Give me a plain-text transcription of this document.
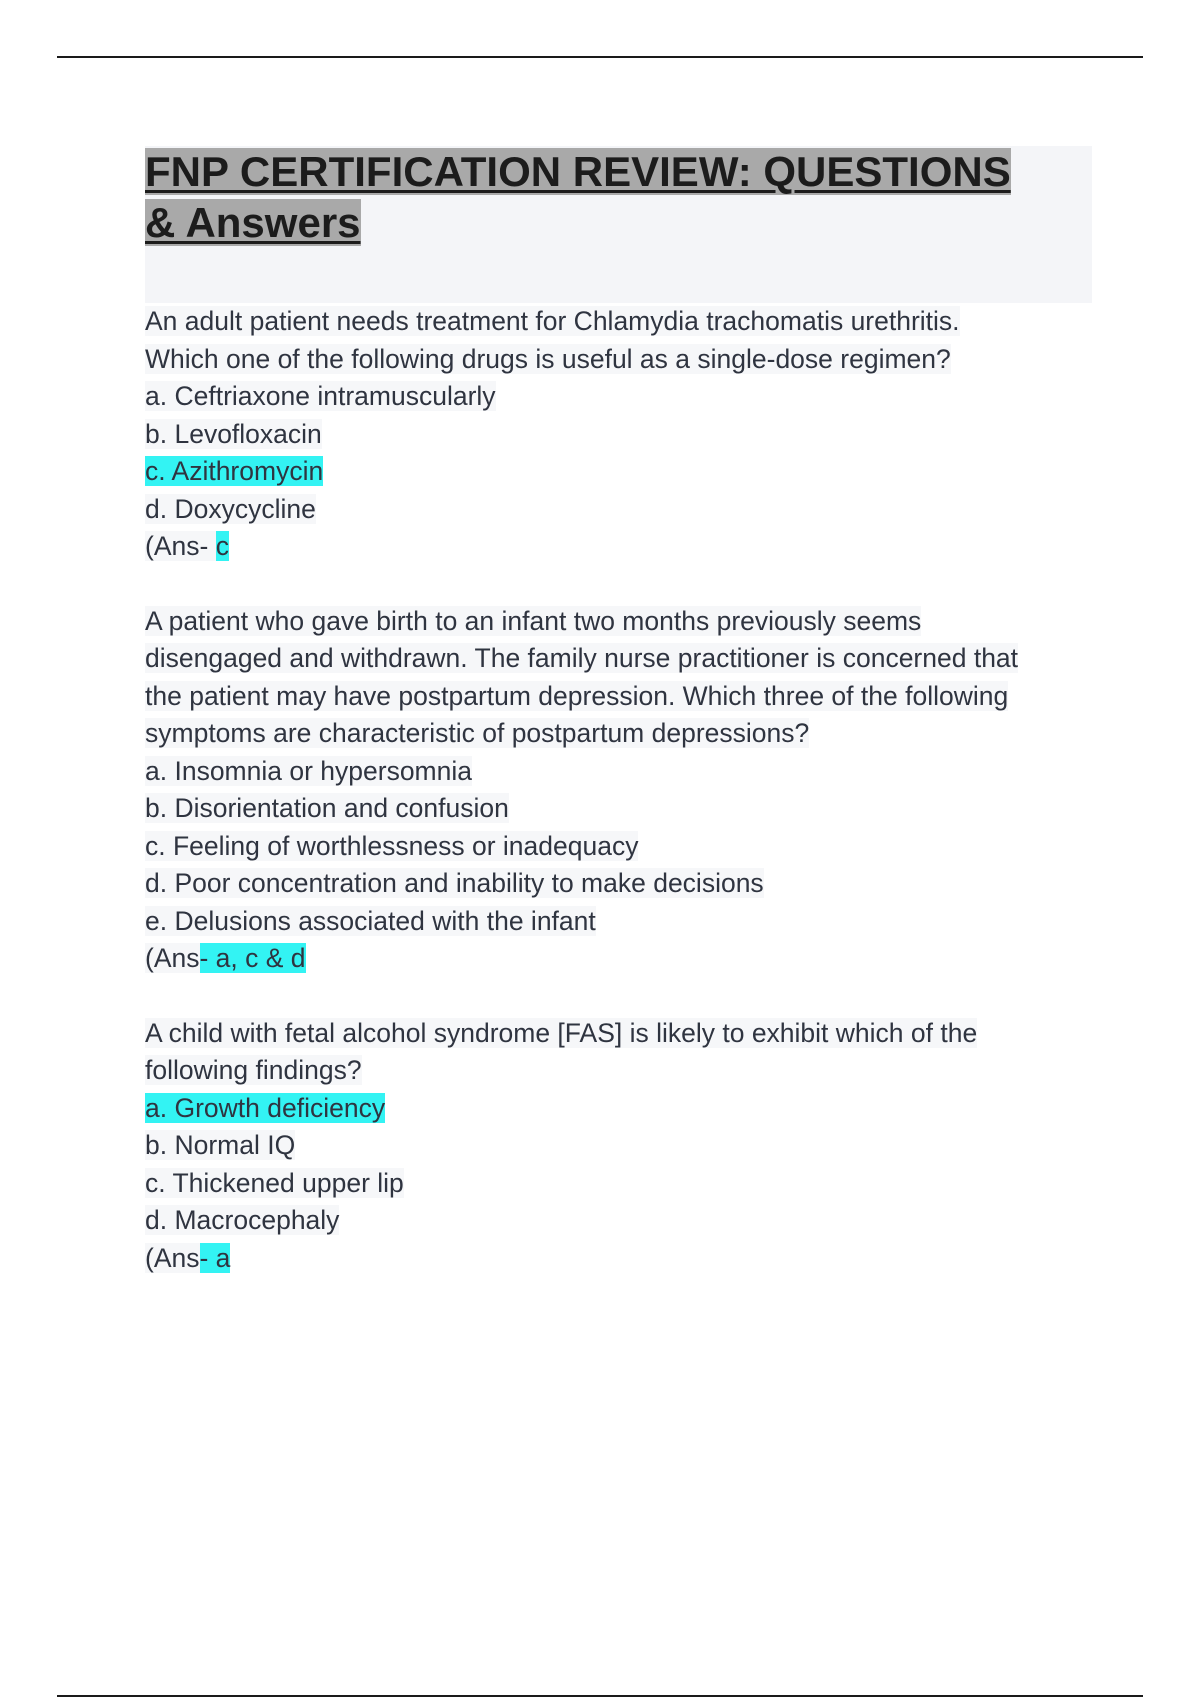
FNP CERTIFICATION REVIEW: QUESTIONS
& Answers
An adult patient needs treatment for Chlamydia trachomatis urethritis.
Which one of the following drugs is useful as a single-dose regimen?
a. Ceftriaxone intramuscularly
b. Levofloxacin
c. Azithromycin
d. Doxycycline
(Ans- c
A patient who gave birth to an infant two months previously seems
disengaged and withdrawn. The family nurse practitioner is concerned that
the patient may have postpartum depression. Which three of the following
symptoms are characteristic of postpartum depressions?
a. Insomnia or hypersomnia
b. Disorientation and confusion
c. Feeling of worthlessness or inadequacy
d. Poor concentration and inability to make decisions
e. Delusions associated with the infant
(Ans- a, c & d
A child with fetal alcohol syndrome [FAS] is likely to exhibit which of the
following findings?
a. Growth deficiency
b. Normal IQ
c. Thickened upper lip
d. Macrocephaly
(Ans- a
